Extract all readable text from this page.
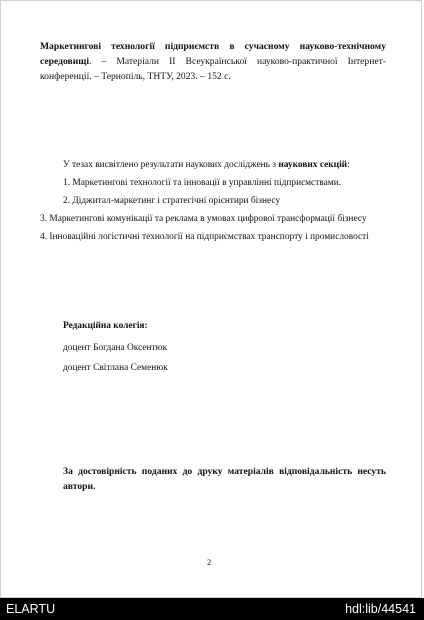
Маркетингові технології підприємств в сучасному науково-технічному середовищі. – Матеріали ІІ Всеукраїнської науково-практичної Інтернет-конференції. – Тернопіль, ТНТУ, 2023. – 152 с.
У тезах висвітлено результати наукових досліджень з наукових секцій:
1. Маркетингові технології та інновації в управлінні підприємствами.
2. Діджитал-маркетинг і стратегічні орієнтири бізнесу
3. Маркетингові комунікації та реклама в умовах цифрової трансформації бізнесу
4. Інноваційні логістичні технології на підприємствах транспорту і промисловості
Редакційна колегія:
доцент Богдана Оксентюк
доцент Світлана Семенюк
За достовірність поданих до друку матеріалів відповідальність несуть автори.
2
ELARTU	hdl:lib/44541
